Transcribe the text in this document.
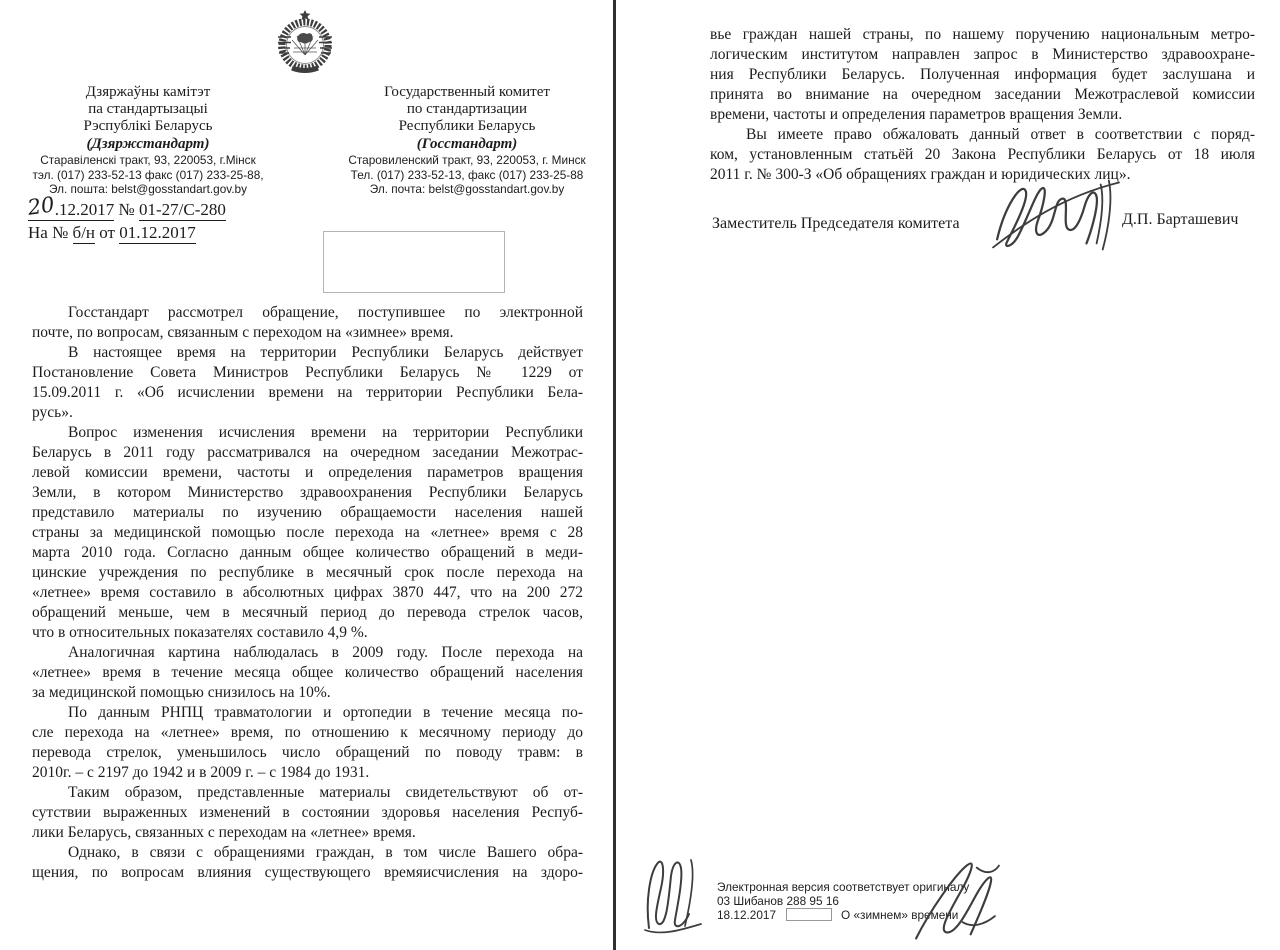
Дзяржаўны камітэт
па стандартызацыі
Рэспублікі Беларусь
(Дзяржстандарт)
Старавіленскі тракт, 93, 220053, г.Мінск
тэл. (017) 233-52-13 факс (017) 233-25-88,
Эл. пошта: belst@gosstandart.gov.by
Государственный комитет
по стандартизации
Республики Беларусь
(Госстандарт)
Старовиленский тракт, 93, 220053, г. Минск
Тел. (017) 233-52-13, факс (017) 233-25-88
Эл. почта: belst@gosstandart.gov.by
20.12.2017 № 01-27/С-280
На № б/н от 01.12.2017
Госстандарт рассмотрел обращение, поступившее по электронной
почте, по вопросам, связанным с переходом на «зимнее» время.
В настоящее время на территории Республики Беларусь действует
Постановление Совета Министров Республики Беларусь № 1229 от
15.09.2011 г. «Об исчислении времени на территории Республики Бела-
русь».
Вопрос изменения исчисления времени на территории Республики
Беларусь в 2011 году рассматривался на очередном заседании Межотрас-
левой комиссии времени, частоты и определения параметров вращения
Земли, в котором Министерство здравоохранения Республики Беларусь
представило материалы по изучению обращаемости населения нашей
страны за медицинской помощью после перехода на «летнее» время с 28
марта 2010 года. Согласно данным общее количество обращений в меди-
цинские учреждения по республике в месячный срок после перехода на
«летнее» время составило в абсолютных цифрах 3870 447, что на 200 272
обращений меньше, чем в месячный период до перевода стрелок часов,
что в относительных показателях составило 4,9 %.
Аналогичная картина наблюдалась в 2009 году. После перехода на
«летнее» время в течение месяца общее количество обращений населения
за медицинской помощью снизилось на 10%.
По данным РНПЦ травматологии и ортопедии в течение месяца по-
сле перехода на «летнее» время, по отношению к месячному периоду до
перевода стрелок, уменьшилось число обращений по поводу травм: в
2010г. – с 2197 до 1942 и в 2009 г. – с 1984 до 1931.
Таким образом, представленные материалы свидетельствуют об от-
сутствии выраженных изменений в состоянии здоровья населения Респуб-
лики Беларусь, связанных с переходам на «летнее» время.
Однако, в связи с обращениями граждан, в том числе Вашего обра-
щения, по вопросам влияния существующего времяисчисления на здоро-
вье граждан нашей страны, по нашему поручению национальным метро-
логическим институтом направлен запрос в Министерство здравоохране-
ния Республики Беларусь. Полученная информация будет заслушана и
принята во внимание на очередном заседании Межотраслевой комиссии
времени, частоты и определения параметров вращения Земли.
Вы имеете право обжаловать данный ответ в соответствии с поряд-
ком, установленным статьёй 20 Закона Республики Беларусь от 18 июля
2011 г. № 300-З «Об обращениях граждан и юридических лиц».
Заместитель Председателя комитета	Д.П. Барташевич
Электронная версия соответствует оригиналу
03 Шибанов 288 95 16
18.12.2017	О «зимнем» времени
